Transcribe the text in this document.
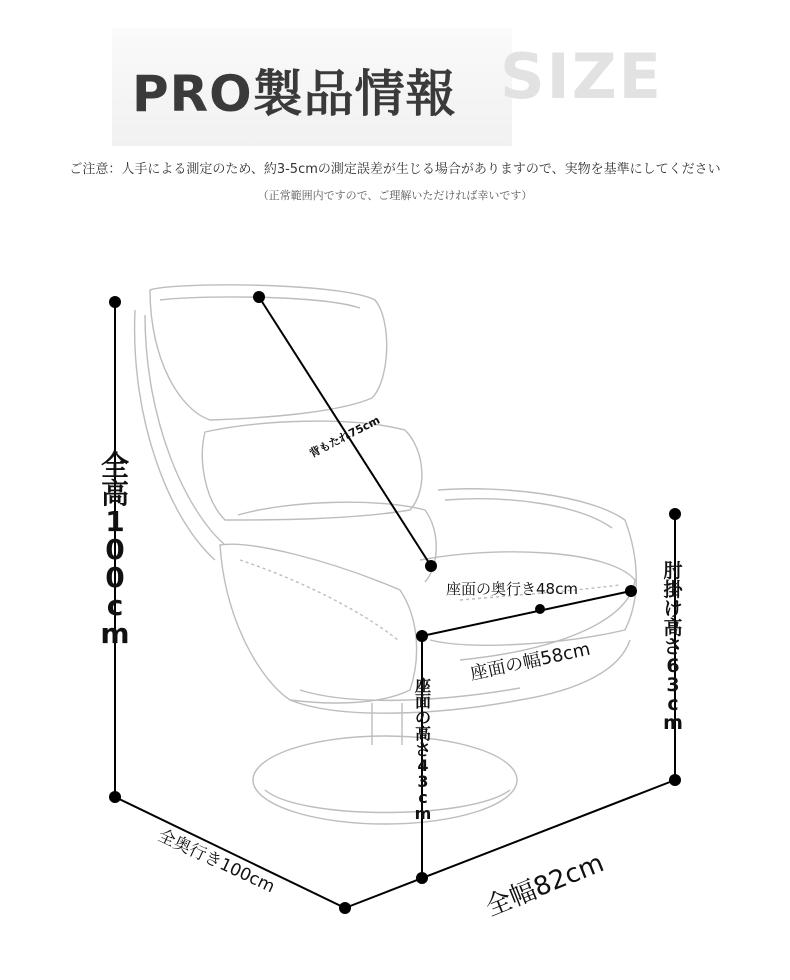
PRO製品情報 SIZE
ご注意：人手による測定のため、約3-5cmの測定誤差が生じる場合がありますので、実物を基準にしてください
（正常範囲内ですので、ご理解いただければ幸いです）
全
高
1
0
0
c
m
背もたれ75cm
座面の奥行き48cm
座面の幅58cm
座
面
の
高
さ
4
3
c
m
肘
掛
け
高
さ
6
3
c
m
全奥行き100cm	全幅82cm
